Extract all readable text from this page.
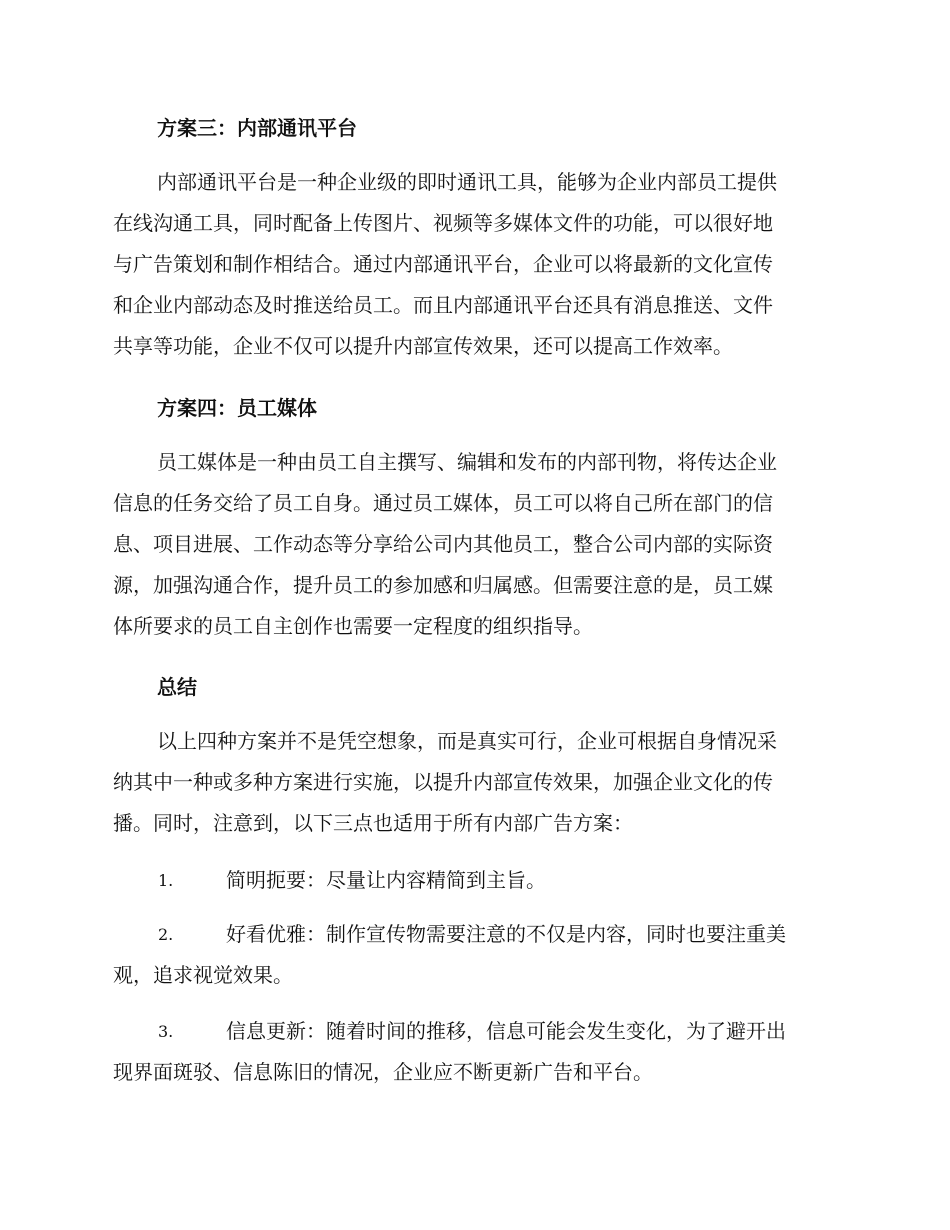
方案三：内部通讯平台
内部通讯平台是一种企业级的即时通讯工具，能够为企业内部员工提供
在线沟通工具，同时配备上传图片、视频等多媒体文件的功能，可以很好地
与广告策划和制作相结合。通过内部通讯平台，企业可以将最新的文化宣传
和企业内部动态及时推送给员工。而且内部通讯平台还具有消息推送、文件
共享等功能，企业不仅可以提升内部宣传效果，还可以提高工作效率。
方案四：员工媒体
员工媒体是一种由员工自主撰写、编辑和发布的内部刊物，将传达企业
信息的任务交给了员工自身。通过员工媒体，员工可以将自己所在部门的信
息、项目进展、工作动态等分享给公司内其他员工，整合公司内部的实际资
源，加强沟通合作，提升员工的参加感和归属感。但需要注意的是，员工媒
体所要求的员工自主创作也需要一定程度的组织指导。
总结
以上四种方案并不是凭空想象，而是真实可行，企业可根据自身情况采
纳其中一种或多种方案进行实施，以提升内部宣传效果，加强企业文化的传
播。同时，注意到，以下三点也适用于所有内部广告方案：
1.	简明扼要：尽量让内容精简到主旨。
2.	好看优雅：制作宣传物需要注意的不仅是内容，同时也要注重美
观，追求视觉效果。
3.	信息更新：随着时间的推移，信息可能会发生变化，为了避开出
现界面斑驳、信息陈旧的情况，企业应不断更新广告和平台。
